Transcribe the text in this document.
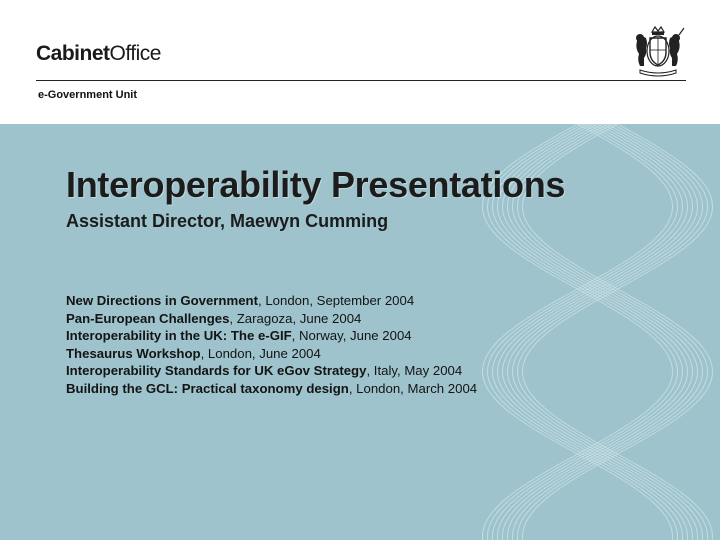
CabinetOffice
e-Government Unit
Interoperability Presentations
Assistant Director, Maewyn Cumming
New Directions in Government, London, September 2004
Pan-European Challenges, Zaragoza, June 2004
Interoperability in the UK: The e-GIF, Norway, June 2004
Thesaurus Workshop, London, June 2004
Interoperability Standards for UK eGov Strategy, Italy, May 2004
Building the GCL: Practical taxonomy design, London, March 2004
